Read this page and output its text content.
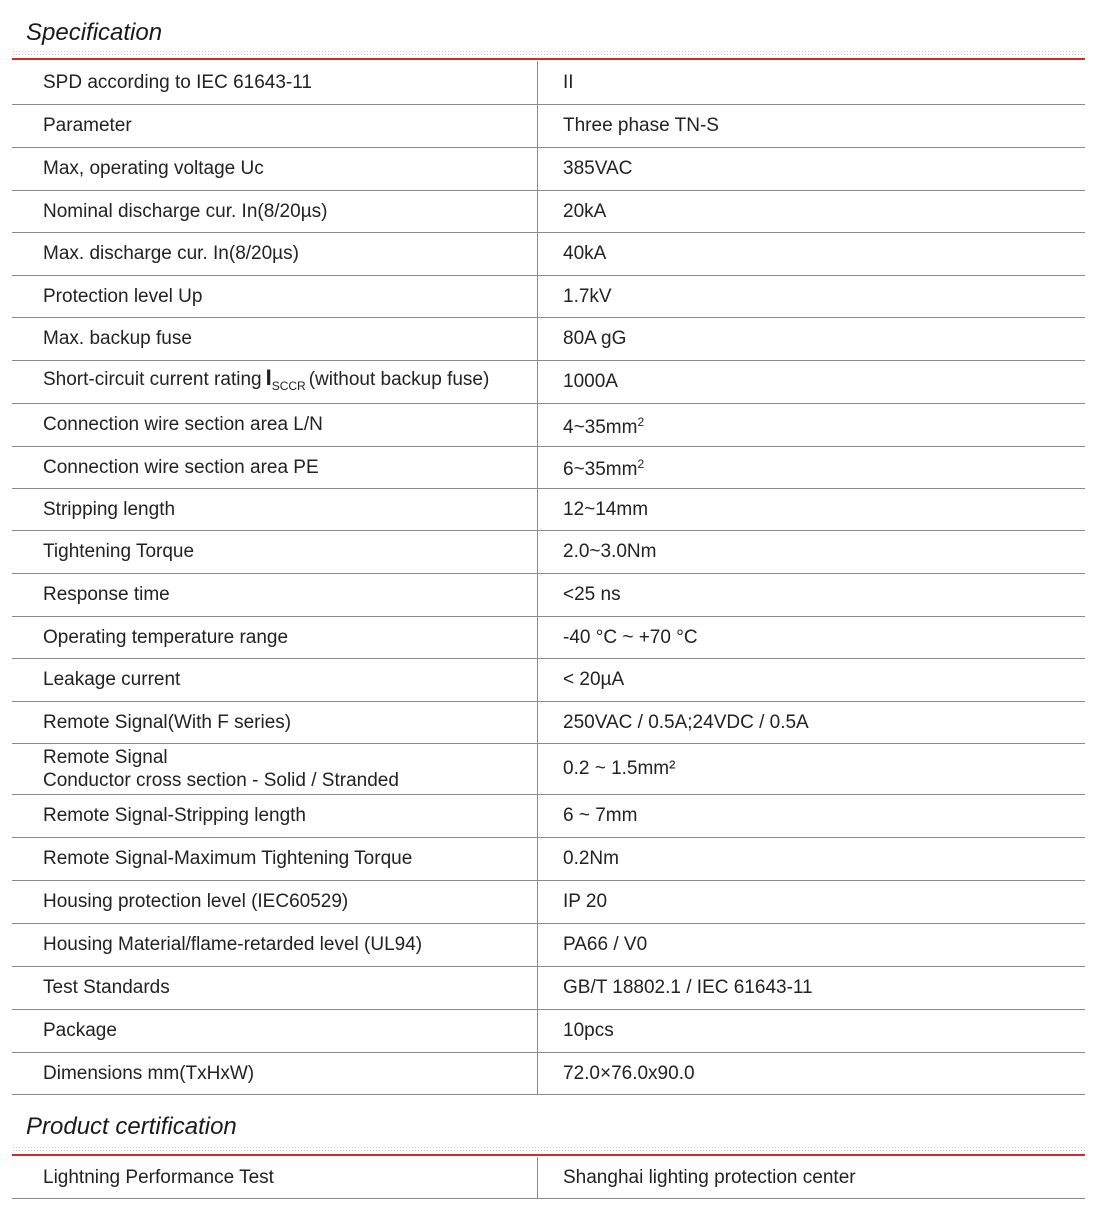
Specification
SPD according to IEC 61643-11	II
Parameter	Three phase TN-S
Max, operating voltage Uc	385VAC
Nominal discharge cur. In(8/20µs)	20kA
Max. discharge cur. In(8/20µs)	40kA
Protection level Up	1.7kV
Max. backup fuse	80A gG
Short-circuit current rating $I_{SCCR}$ (without backup fuse)	1000A
Connection wire section area L/N	$4\sim 35mm^2$
Connection wire section area PE	$6\sim 35mm^2$
Stripping length	12~14mm
Tightening Torque	2.0~3.0Nm
Response time	<25 ns
Operating temperature range	-40 °C ~ +70 °C
Leakage current	< 20µA
Remote Signal(With F series)	250VAC / 0.5A;24VDC / 0.5A

Remote Signal
Conductor cross section - Solid / Stranded	0.2 ~ 1.5mm²
Remote Signal-Stripping length	6 ~ 7mm
Remote Signal-Maximum Tightening Torque	0.2Nm
Housing protection level (IEC60529)	IP 20
Housing Material/flame-retarded level (UL94)	PA66 / V0
Test Standards	GB/T 18802.1 / IEC 61643-11
Package	10pcs
Dimensions mm(TxHxW)	72.0×76.0x90.0
Product certification
Lightning Performance Test	Shanghai lighting protection center
